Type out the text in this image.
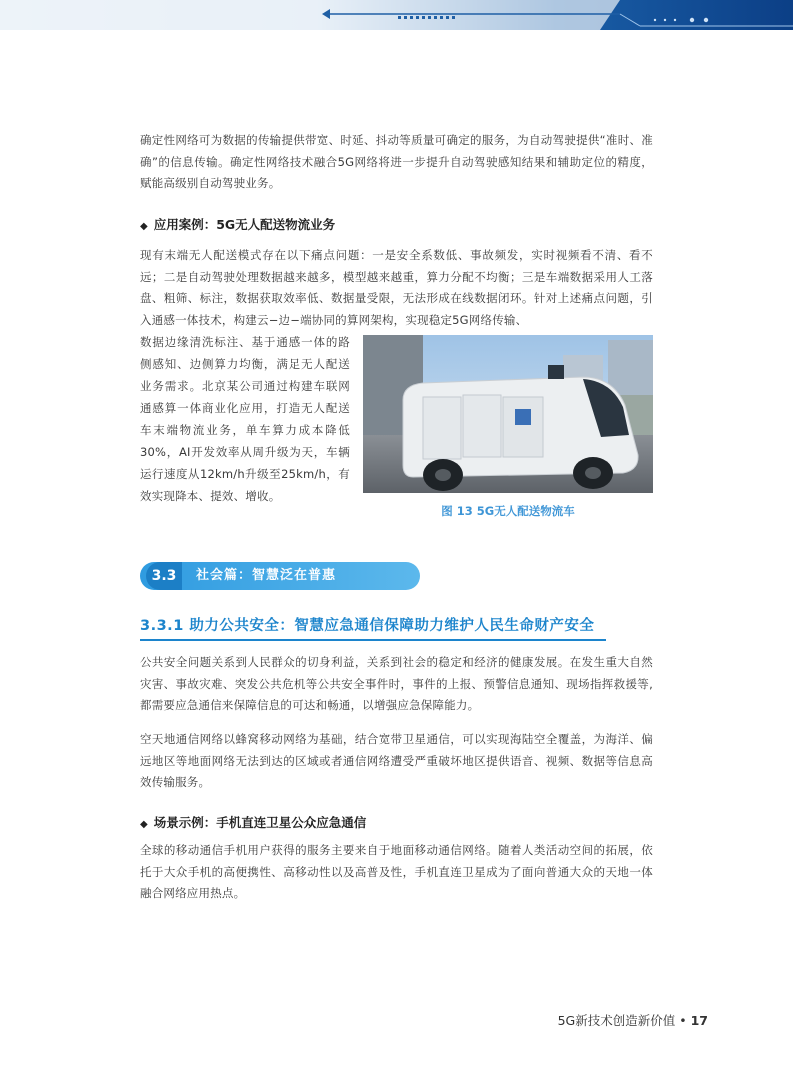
确定性网络可为数据的传输提供带宽、时延、抖动等质量可确定的服务，为自动驾驶提供“准时、准确”的信息传输。确定性网络技术融合5G网络将进一步提升自动驾驶感知结果和辅助定位的精度，赋能高级别自动驾驶业务。

◆ 应用案例：5G无人配送物流业务

现有末端无人配送模式存在以下痛点问题：一是安全系数低、事故频发，实时视频看不清、看不远；二是自动驾驶处理数据越来越多，模型越来越重，算力分配不均衡；三是车端数据采用人工落盘、粗筛、标注，数据获取效率低、数据量受限，无法形成在线数据闭环。针对上述痛点问题，引入通感一体技术，构建云−边−端协同的算网架构，实现稳定5G网络传输、

数据边缘清洗标注、基于通感一体的路侧感知、边侧算力均衡，满足无人配送业务需求。北京某公司通过构建车联网通感算一体商业化应用，打造无人配送车末端物流业务，单车算力成本降低30%，AI开发效率从周升级为天，车辆运行速度从12km/h升级至25km/h，有效实现降本、提效、增收。

图 13 5G无人配送物流车
3.3	社会篇：智慧泛在普惠
3.3.1 助力公共安全：智慧应急通信保障助力维护人民生命财产安全

公共安全问题关系到人民群众的切身利益，关系到社会的稳定和经济的健康发展。在发生重大自然灾害、事故灾难、突发公共危机等公共安全事件时，事件的上报、预警信息通知、现场指挥救援等,都需要应急通信来保障信息的可达和畅通，以增强应急保障能力。

空天地通信网络以蜂窝移动网络为基础，结合宽带卫星通信，可以实现海陆空全覆盖，为海洋、偏远地区等地面网络无法到达的区域或者通信网络遭受严重破坏地区提供语音、视频、数据等信息高效传输服务。

◆ 场景示例：手机直连卫星公众应急通信

全球的移动通信手机用户获得的服务主要来自于地面移动通信网络。随着人类活动空间的拓展，依托于大众手机的高便携性、高移动性以及高普及性，手机直连卫星成为了面向普通大众的天地一体融合网络应用热点。

5G新技术创造新价值 • 17
